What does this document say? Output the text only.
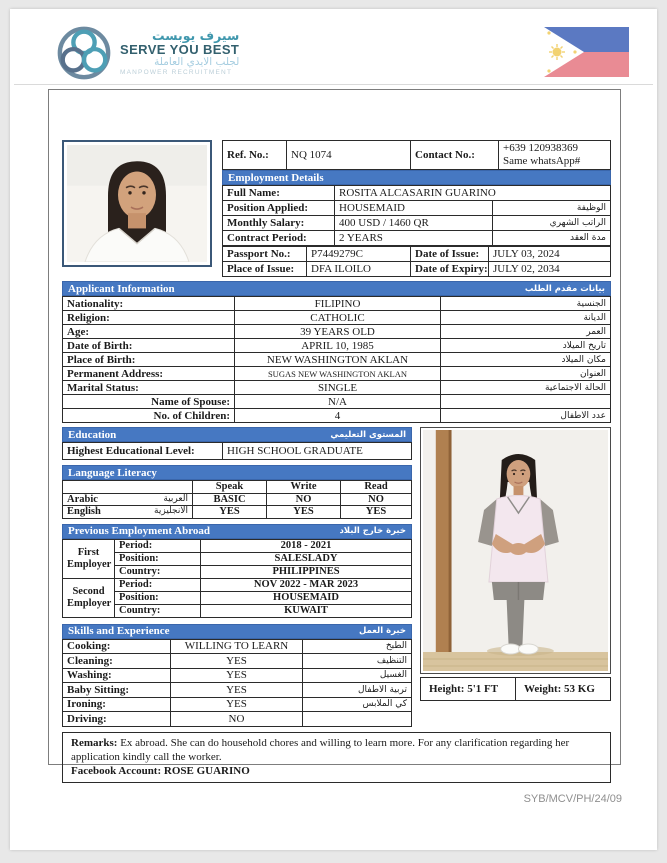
سيرف يوبست
SERVE YOU BEST
لجلب الايدي العاملة
MANPOWER RECRUITMENT
Ref. No.:	NQ 1074	Contact No.:	
+639 120938369
Same whatsApp#
Employment Details
Full Name:	ROSITA ALCASARIN GUARINO	
Position Applied:	HOUSEMAID	الوظيفة
Monthly Salary:	400 USD / 1460 QR	الراتب الشهري
Contract Period:	2 YEARS	مدة العقد
Passport No.:	P7449279C	Date of Issue:	JULY 03, 2024
Place of Issue:	DFA ILOILO	Date of Expiry:	JULY 02, 2034
Applicant Information	بيانات مقدم الطلب
Nationality:	FILIPINO	الجنسية
Religion:	CATHOLIC	الديانة
Age:	39 YEARS OLD	العمر
Date of Birth:	APRIL 10, 1985	تاريخ الميلاد
Place of Birth:	NEW WASHINGTON AKLAN	مكان الميلاد
Permanent Address:	SUGAS NEW WASHINGTON AKLAN	العنوان
Marital Status:	SINGLE	الحالة الاجتماعية
Name of Spouse:	N/A	
No. of Children:	4	عدد الاطفال
Education	المستوى التعليمي
Highest Educational Level:	HIGH SCHOOL GRADUATE
Language Literacy
	Speak	Write	Read

Arabic العربية	BASIC	NO	NO

English الانجليزية	YES	YES	YES
Previous Employment Abroad	خبرة خارج البلاد
First Employer	Period:	2018 - 2021
	Position:	SALESLADY
	Country:	PHILIPPINES
Second Employer	Period:	NOV 2022 - MAR 2023
	Position:	HOUSEMAID
	Country:	KUWAIT
Skills and Experience	خبرة العمل
Cooking:	WILLING TO LEARN	الطبخ
Cleaning:	YES	التنظيف
Washing:	YES	الغسيل
Baby Sitting:	YES	تربية الاطفال
Ironing:	YES	كي الملابس
Driving:	NO	
Height: 5'1 FT	Weight: 53 KG
Remarks: Ex abroad. She can do household chores and willing to learn more. For any clarification regarding her application kindly call the worker.
Facebook Account: ROSE GUARINO
SYB/MCV/PH/24/09
